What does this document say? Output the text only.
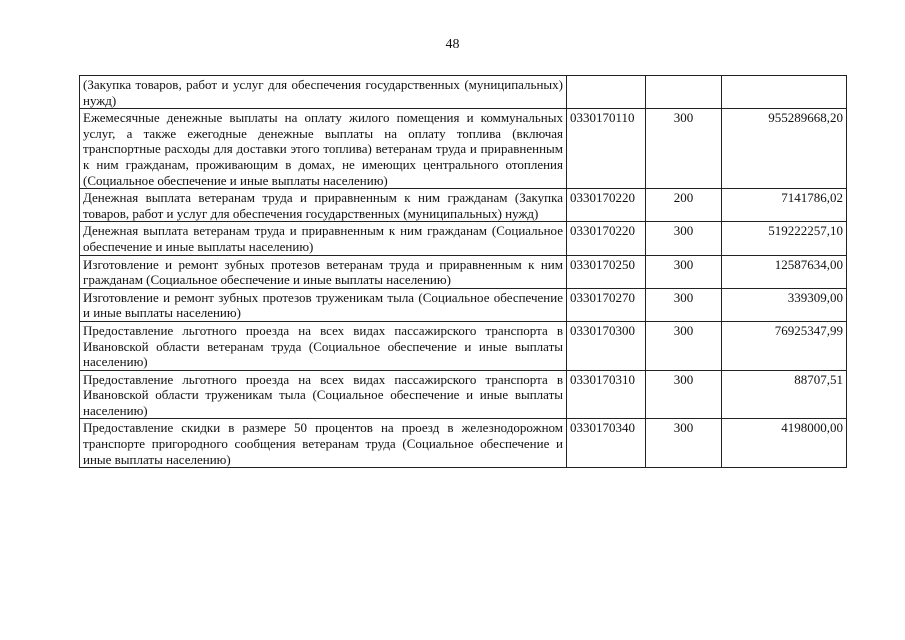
48
(Закупка товаров, работ и услуг для обеспечения государственных (муниципальных) нужд)			
Ежемесячные денежные выплаты на оплату жилого помещения и коммунальных услуг, а также ежегодные денежные выплаты на оплату топлива (включая транспортные расходы для доставки этого топлива) ветеранам труда и приравненным к ним гражданам, проживающим в домах, не имеющих центрального отопления (Социальное обеспечение и иные выплаты населению)	0330170110	300	955289668,20
Денежная выплата ветеранам труда и приравненным к ним гражданам (Закупка товаров, работ и услуг для обеспечения государственных (муниципальных) нужд)	0330170220	200	7141786,02
Денежная выплата ветеранам труда и приравненным к ним гражданам (Социальное обеспечение и иные выплаты населению)	0330170220	300	519222257,10
Изготовление и ремонт зубных протезов ветеранам труда и приравненным к ним гражданам (Социальное обеспечение и иные выплаты населению)	0330170250	300	12587634,00
Изготовление и ремонт зубных протезов труженикам тыла (Социальное обеспечение и иные выплаты населению)	0330170270	300	339309,00
Предоставление льготного проезда на всех видах пассажирского транспорта в Ивановской области ветеранам труда (Социальное обеспечение и иные выплаты населению)	0330170300	300	76925347,99
Предоставление льготного проезда на всех видах пассажирского транспорта в Ивановской области труженикам тыла (Социальное обеспечение и иные выплаты населению)	0330170310	300	88707,51
Предоставление скидки в размере 50 процентов на проезд в железнодорожном транспорте пригородного сообщения ветеранам труда (Социальное обеспечение и иные выплаты населению)	0330170340	300	4198000,00
